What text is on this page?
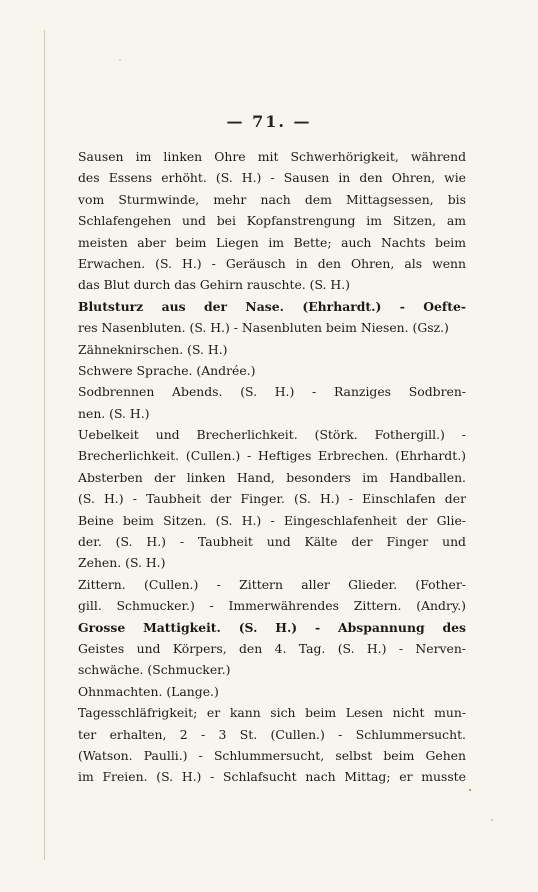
— 71. —
Sausen im linken Ohre mit Schwerhörigkeit, während
des Essens erhöht. (S. H.) - Sausen in den Ohren, wie
vom Sturmwinde, mehr nach dem Mittagsessen, bis
Schlafengehen und bei Kopfanstrengung im Sitzen, am
meisten aber beim Liegen im Bette; auch Nachts beim
Erwachen. (S. H.) - Geräusch in den Ohren, als wenn
das Blut durch das Gehirn rauschte. (S. H.)
Blutsturz aus der Nase. (Ehrhardt.) - Oefte-
res Nasenbluten. (S. H.) - Nasenbluten beim Niesen. (Gsz.)
Zähneknirschen. (S. H.)
Schwere Sprache. (Andrée.)
Sodbrennen Abends. (S. H.) - Ranziges Sodbren-
nen. (S. H.)
Uebelkeit und Brecherlichkeit. (Störk. Fothergill.) -
Brecherlichkeit. (Cullen.) - Heftiges Erbrechen. (Ehrhardt.)
Absterben der linken Hand, besonders im Handballen.
(S. H.) - Taubheit der Finger. (S. H.) - Einschlafen der
Beine beim Sitzen. (S. H.) - Eingeschlafenheit der Glie-
der. (S. H.) - Taubheit und Kälte der Finger und
Zehen. (S. H.)
Zittern. (Cullen.) - Zittern aller Glieder. (Fother-
gill. Schmucker.) - Immerwährendes Zittern. (Andry.)
Grosse Mattigkeit. (S. H.) - Abspannung des
Geistes und Körpers, den 4. Tag. (S. H.) - Nerven-
schwäche. (Schmucker.)
Ohnmachten. (Lange.)
Tagesschläfrigkeit; er kann sich beim Lesen nicht mun-
ter erhalten, 2 - 3 St. (Cullen.) - Schlummersucht.
(Watson. Paulli.) - Schlummersucht, selbst beim Gehen
im Freien. (S. H.) - Schlafsucht nach Mittag; er musste
